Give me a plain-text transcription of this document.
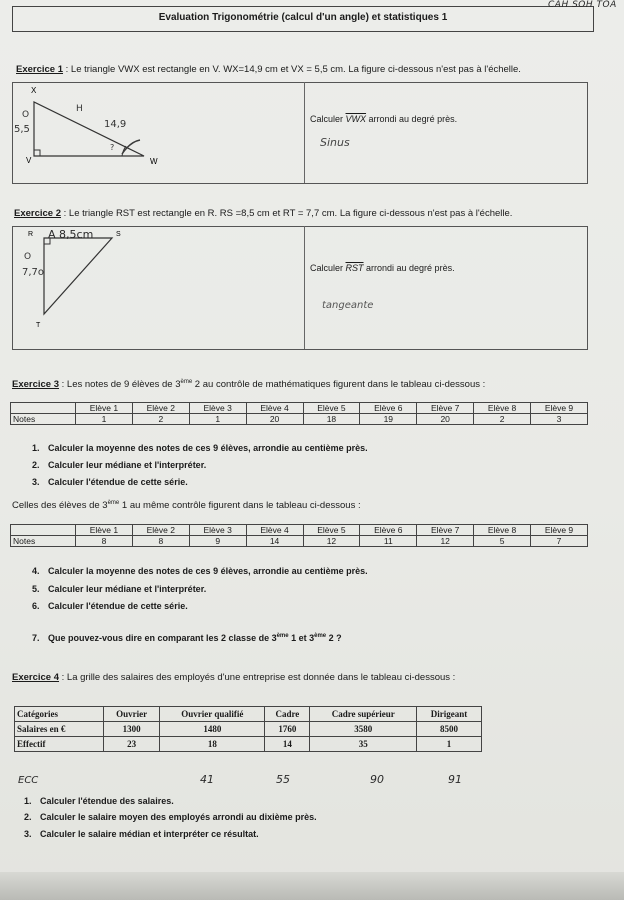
Evaluation Trigonométrie (calcul d'un angle) et statistiques 1
CAH SOH TOA
Exercice 1 : Le triangle VWX est rectangle en V. WX=14,9 cm et VX = 5,5 cm. La figure ci-dessous n'est pas à l'échelle.
X
V	W
O
5,5
H
14,9
?
Calculer $\overline{VWX}$ arrondi au degré près.
Sinus
Exercice 2 : Le triangle RST est rectangle en R. RS =8,5 cm et RT = 7,7 cm. La figure ci-dessous n'est pas à l'échelle.
R	S
T
A 8,5cm
O
7,7o	Calculer $\overline{RST}$ arrondi au degré près.
tangeante
Exercice 3 : Les notes de 9 élèves de 3ème 2 au contrôle de mathématiques figurent dans le tableau ci-dessous :
	Elève 1	Elève 2	Elève 3	Elève 4	Elève 5	Elève 6	Elève 7	Elève 8	Elève 9
Notes	1	2	1	20	18	19	20	2	3
1. Calculer la moyenne des notes de ces 9 élèves, arrondie au centième près.
2. Calculer leur médiane et l'interpréter.
3. Calculer l'étendue de cette série.
Celles des élèves de 3ème 1 au même contrôle figurent dans le tableau ci-dessous :
	Elève 1	Elève 2	Elève 3	Elève 4	Elève 5	Elève 6	Elève 7	Elève 8	Elève 9
Notes	8	8	9	14	12	11	12	5	7
4. Calculer la moyenne des notes de ces 9 élèves, arrondie au centième près.
5. Calculer leur médiane et l'interpréter.
6. Calculer l'étendue de cette série.
7. Que pouvez-vous dire en comparant les 2 classe de 3ème 1 et 3ème 2 ?
Exercice 4 : La grille des salaires des employés d'une entreprise est donnée dans le tableau ci-dessous :
Catégories	Ouvrier	Ouvrier qualifié	Cadre	Cadre supérieur	Dirigeant
Salaires en €	1300	1480	1760	3580	8500
Effectif	23	18	14	35	1
ECC	41	55	90	91
1. Calculer l'étendue des salaires.
2. Calculer le salaire moyen des employés arrondi au dixième près.
3. Calculer le salaire médian et interpréter ce résultat.
